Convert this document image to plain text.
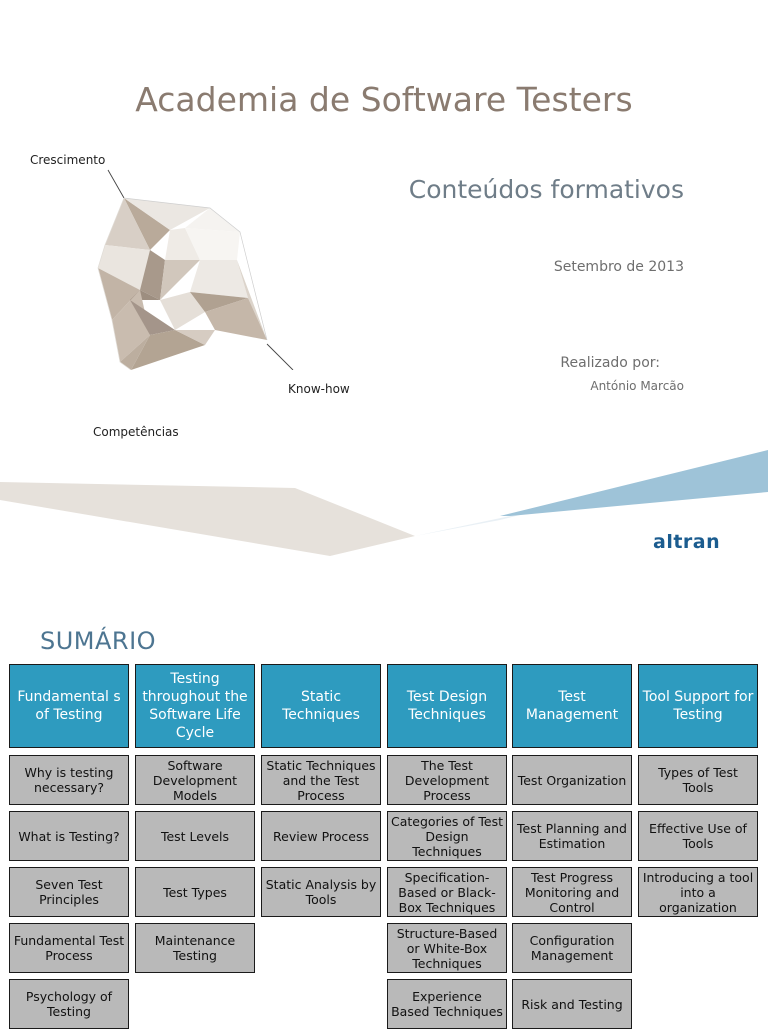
Academia de Software Testers
Crescimento
Know-how
Competências
Conteúdos formativos
Setembro de 2013
Realizado por:
António Marcão
altran
SUMÁRIO
Fundamental s of Testing
Why is testing necessary?
What is Testing?
Seven Test Principles
Fundamental Test Process
Psychology of Testing
Testing throughout the Software Life Cycle
Software Development Models
Test Levels
Test Types
Maintenance Testing
Static Techniques
Static Techniques and the Test Process
Review Process
Static Analysis by Tools
Test Design Techniques
The Test Development Process
Categories of Test Design Techniques
Specification-Based or Black-Box Techniques
Structure-Based or White-Box Techniques
Experience Based Techniques
Test Management
Test Organization
Test Planning and Estimation
Test Progress Monitoring and Control
Configuration Management
Risk and Testing
Tool Support for Testing
Types of Test Tools
Effective Use of Tools
Introducing a tool into a organization
